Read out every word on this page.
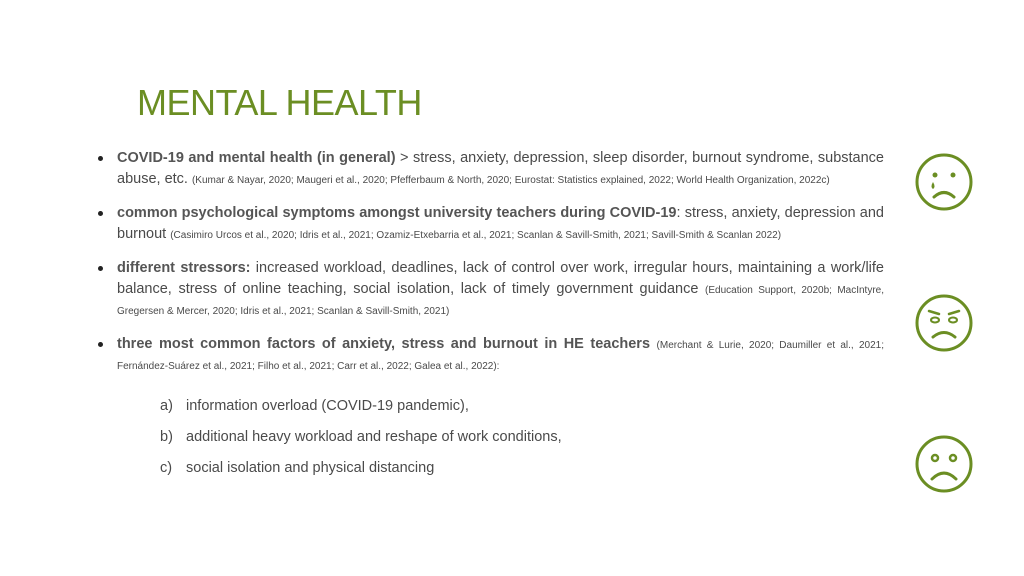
MENTAL HEALTH
COVID-19 and mental health (in general) > stress, anxiety, depression, sleep disorder, burnout syndrome, substance abuse, etc. (Kumar & Nayar, 2020; Maugeri et al., 2020; Pfefferbaum & North, 2020; Eurostat: Statistics explained, 2022; World Health Organization, 2022c)
common psychological symptoms amongst university teachers during COVID-19: stress, anxiety, depression and burnout (Casimiro Urcos et al., 2020; Idris et al., 2021; Ozamiz-Etxebarria et al., 2021; Scanlan & Savill-Smith, 2021; Savill-Smith & Scanlan 2022)
different stressors: increased workload, deadlines, lack of control over work, irregular hours, maintaining a work/life balance, stress of online teaching, social isolation, lack of timely government guidance (Education Support, 2020b; MacIntyre, Gregersen & Mercer, 2020; Idris et al., 2021; Scanlan & Savill-Smith, 2021)
three most common factors of anxiety, stress and burnout in HE teachers (Merchant & Lurie, 2020; Daumiller et al., 2021; Fernández-Suárez et al., 2021; Filho et al., 2021; Carr et al., 2022; Galea et al., 2022):
a) information overload (COVID-19 pandemic),
b) additional heavy workload and reshape of work conditions,
c) social isolation and physical distancing
